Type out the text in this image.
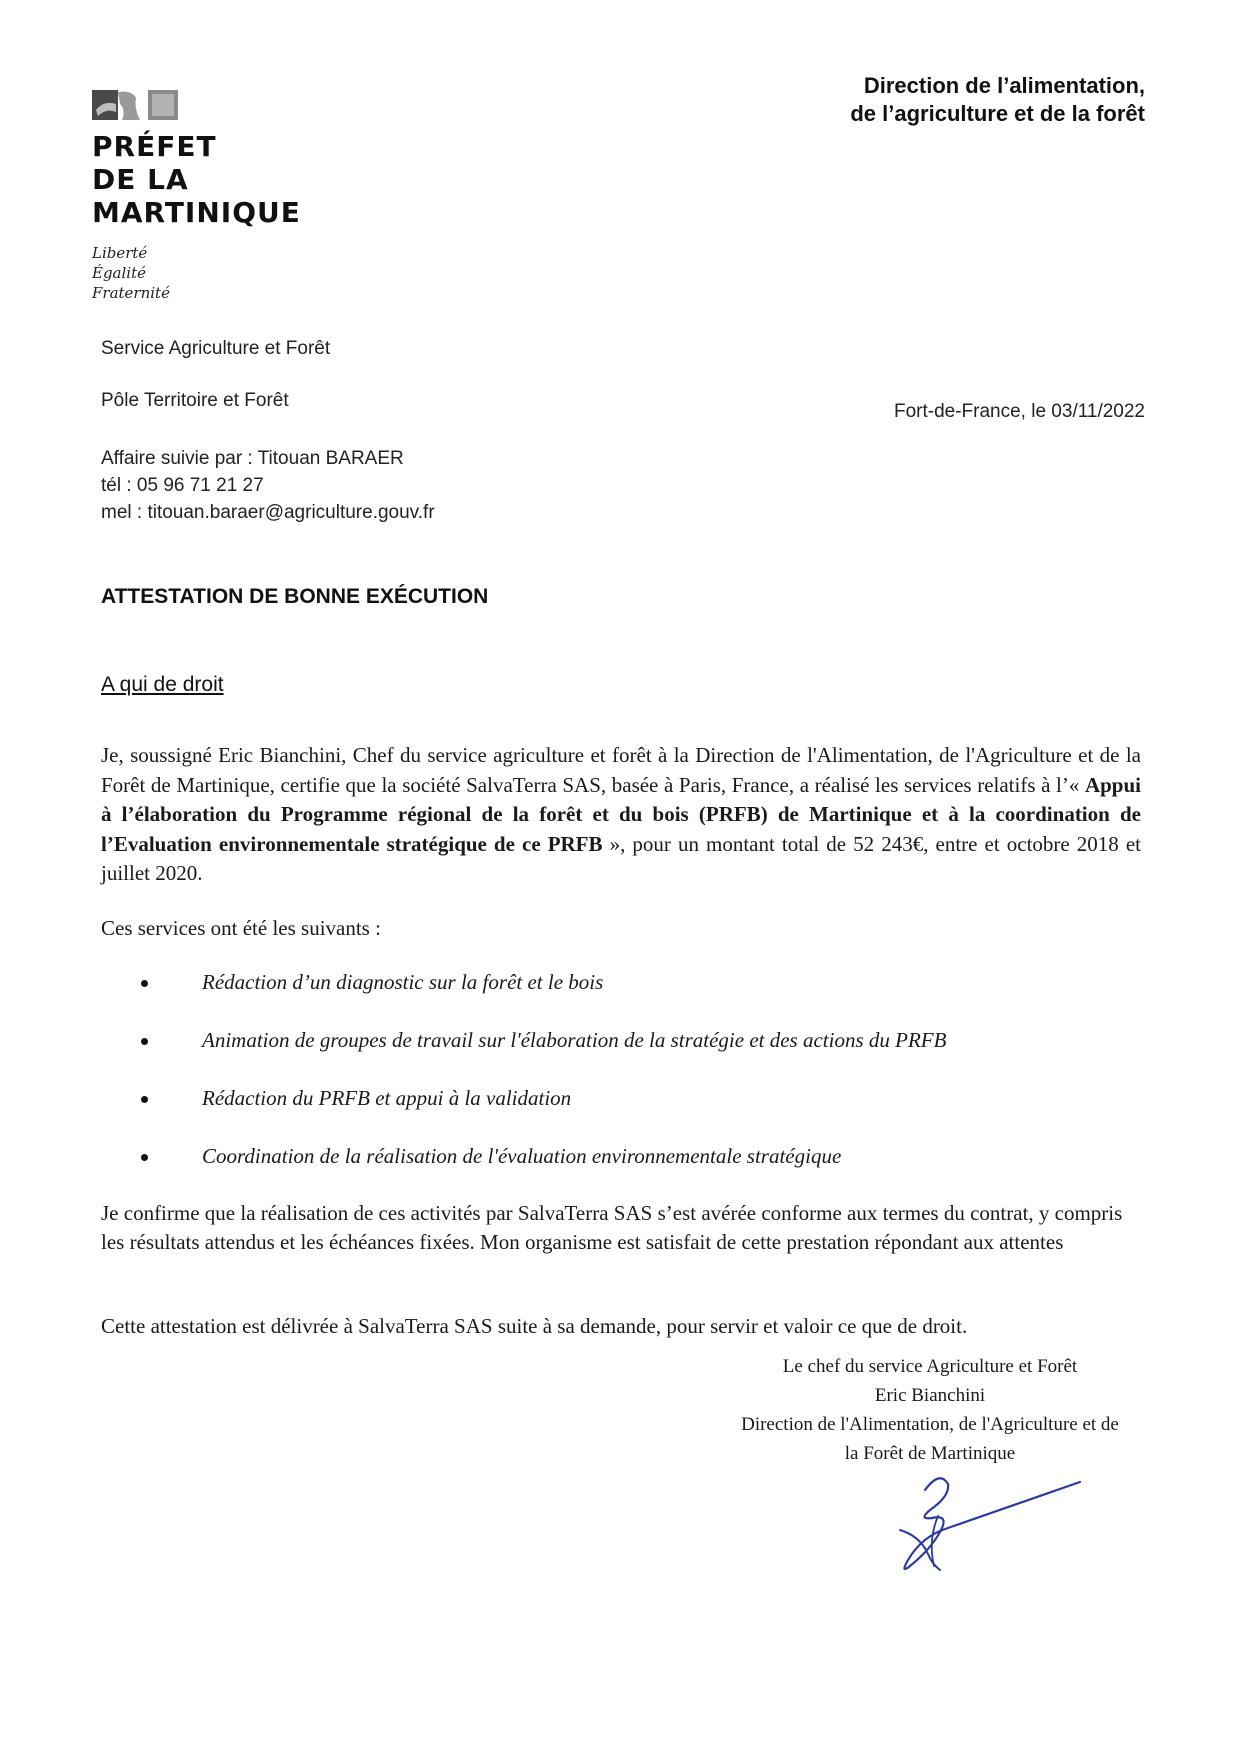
PRÉFET
DE LA
MARTINIQUE
Liberté
Égalité
Fraternité
Direction de l’alimentation,
de l’agriculture et de la forêt
Service Agriculture et Forêt
Pôle Territoire et Forêt
Fort-de-France, le 03/11/2022
Affaire suivie par : Titouan BARAER
tél : 05 96 71 21 27
mel : titouan.baraer@agriculture.gouv.fr
ATTESTATION DE BONNE EXÉCUTION
A qui de droit
Je, soussigné Eric Bianchini, Chef du service agriculture et forêt à la Direction de l'Alimentation, de l'Agriculture et de la Forêt de Martinique, certifie que la société SalvaTerra SAS, basée à Paris, France, a réalisé les services relatifs à l’« Appui à l’élaboration du Programme régional de la forêt et du bois (PRFB) de Martinique et à la coordination de l’Evaluation environnementale stratégique de ce PRFB », pour un montant total de 52 243€, entre et octobre 2018 et juillet 2020.
Ces services ont été les suivants :
Rédaction d’un diagnostic sur la forêt et le bois
Animation de groupes de travail sur l'élaboration de la stratégie et des actions du PRFB
Rédaction du PRFB et appui à la validation
Coordination de la réalisation de l'évaluation environnementale stratégique
Je confirme que la réalisation de ces activités par SalvaTerra SAS s’est avérée conforme aux termes du contrat, y compris les résultats attendus et les échéances fixées. Mon organisme est satisfait de cette prestation répondant aux attentes
Cette attestation est délivrée à SalvaTerra SAS suite à sa demande, pour servir et valoir ce que de droit.
Le chef du service Agriculture et Forêt
Eric Bianchini
Direction de l'Alimentation, de l'Agriculture et de
la Forêt de Martinique
